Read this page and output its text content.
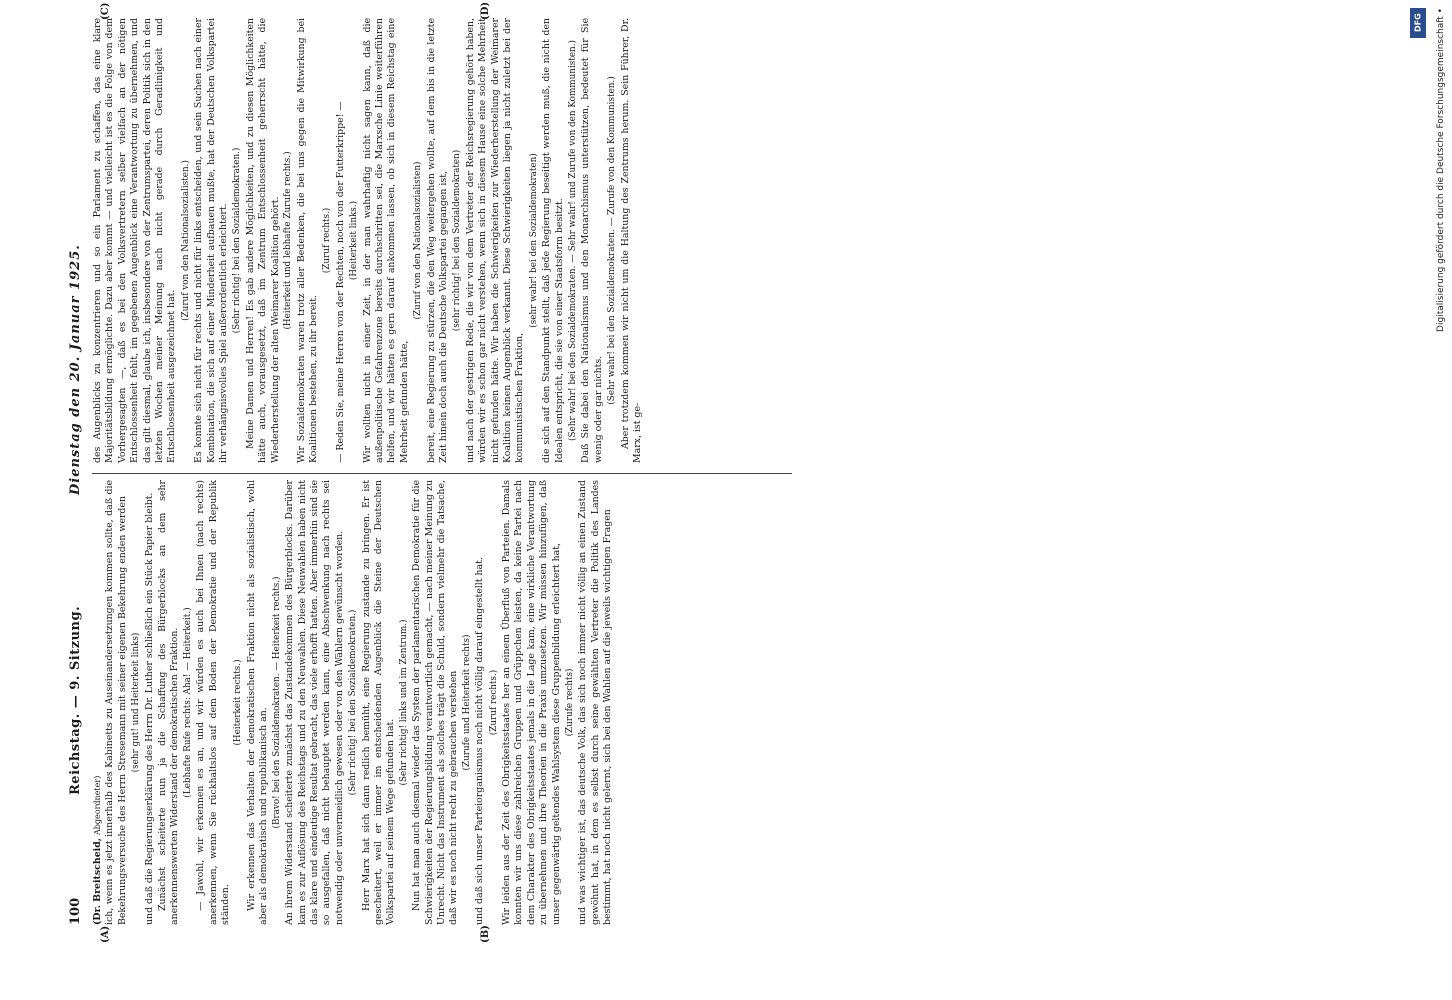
100
Reichstag. — 9. Sitzung.
Dienstag den 20. Januar 1925.

(Dr. Breitscheid, Abgeordneter) ich, wenn es jetzt innerhalb des Kabinetts zu Auseinandersetzungen kommen sollte, daß die Bekehrungsversuche des Herrn Stresemann mit seiner eigenen Bekehrung enden werden (sehr gut! und Heiterkeit links) und daß die Regierungserklärung des Herrn Dr. Luther schließlich ein Stück Papier bleibt. Zunächst scheiterte nun ja die Schaffung des Bürgerblocks an dem sehr anerkennenswerten Widerstand der demokratischen Fraktion. (Lebhafte Rufe rechts: Aha! — Heiterkeit.) — Jawohl, wir erkennen es an, und wir würden es auch bei Ihnen (nach rechts) anerkennen, wenn Sie rückhaltslos auf dem Boden der Demokratie und der Republik ständen.

(Heiterkeit rechts.) Wir erkennen das Verhalten der demokratischen Fraktion nicht als sozialistisch, wohl aber als demokratisch und republikanisch an. (Bravo! bei den Sozialdemokraten. — Heiterkeit rechts.) An ihrem Widerstand scheiterte zunächst das Zustandekommen des Bürgerblocks. Darüber kam es zur Auflösung des Reichstags und zu den Neuwahlen. Diese Neuwahlen haben nicht das klare und eindeutige Resultat gebracht, das viele erhofft hatten. Aber immerhin sind sie so ausgefallen, daß nicht behauptet werden kann, eine Abschwenkung nach rechts sei notwendig oder unvermeidlich gewesen oder von den Wählern gewünscht worden. (Sehr richtig! bei den Sozialdemokraten.) Herr Marx hat sich dann redlich bemüht, eine Regierung zustande zu bringen. Er ist gescheitert, weil er immer im entscheidenden Augenblick die Steine der Deutschen Volkspartei auf seinem Wege gefunden hat.

(Sehr richtig! links und im Zentrum.) Nun hat man auch diesmal wieder das System der parlamentarischen Demokratie für die Schwierigkeiten der Regierungsbildung verantwortlich gemacht, — nach meiner Meinung zu Unrecht. Nicht das Instrument als solches trägt die Schuld, sondern vielmehr die Tatsache, daß wir es noch nicht recht zu gebrauchen verstehen (Zurufe und Heiterkeit rechts) und daß sich unser Parteiorganismus noch nicht völlig darauf eingestellt hat. (Zuruf rechts.) Wir leiden aus der Zeit des Obrigkeitsstaates her an einem Überfluß von Parteien. Damals konnten wir uns diese zahlreichen Gruppen und Grüppchen leisten, da keine Partei nach dem Charakter des Obrigkeitsstaates jemals in die Lage kam, eine wirkliche Verantwortung zu übernehmen und ihre Theorien in die Praxis umzusetzen. Wir müssen hinzufügen, daß unser gegenwärtig geltendes Wahlsystem diese Gruppenbildung erleichtert hat, (Zurufe rechts) und was wichtiger ist, das deutsche Volk, das sich noch immer nicht völlig an einen Zustand gewöhnt hat, in dem es selbst durch seine gewählten Vertreter die Politik des Landes bestimmt, hat noch nicht gelernt, sich bei den Wahlen auf die jeweils wichtigen Fragen

des Augenblicks zu konzentrieren und so ein Parlament zu schaffen, das eine klare Majoritätsbildung ermöglichte. Dazu aber kommt — und vielleicht ist es die Folge von dem Vorhergesagten —, daß es bei den Volksvertretern selber vielfach an der nötigen Entschlossenheit fehlt, im gegebenen Augenblick eine Verantwortung zu übernehmen, und das gilt diesmal, glaube ich, insbesondere von der Zentrumspartei, deren Politik sich in den letzten Wochen meiner Meinung nach nicht gerade durch Geradlinigkeit und Entschlossenheit ausgezeichnet hat.

(Zuruf von den Nationalsozialisten.) Es konnte sich nicht für rechts und nicht für links entscheiden, und sein Suchen nach einer Kombination, die sich auf einer Minderheit aufbauen mußte, hat der Deutschen Volkspartei ihr verhängnisvolles Spiel außerordentlich erleichtert. (Sehr richtig! bei den Sozialdemokraten.) Meine Damen und Herren! Es gab andere Möglichkeiten, und zu diesen Möglichkeiten hätte auch, vorausgesetzt, daß im Zentrum Entschlossenheit geherrscht hätte, die Wiederherstellung der alten Weimarer Koalition gehört. (Heiterkeit und lebhafte Zurufe rechts.) Wir Sozialdemokraten waren trotz aller Bedenken, die bei uns gegen die Mitwirkung bei Koalitionen bestehen, zu ihr bereit.

(Zuruf rechts.) — Reden Sie, meine Herren von der Rechten, noch von der Futterkrippe! — (Heiterkeit links.) Wir wollten nicht in einer Zeit, in der man wahrhaftig nicht sagen kann, daß die außenpolitische Gefahrenzone bereits durchschritten sei, die Marxsche Linie weiterführen helfen, und wir hätten es gern darauf ankommen lassen, ob sich in diesem Reichstag eine Mehrheit gefunden hätte,

(Zuruf von den Nationalsozialisten) bereit, eine Regierung zu stürzen, die den Weg weitergehen wollte, auf dem bis in die letzte Zeit hinein doch auch die Deutsche Volkspartei gegangen ist, (sehr richtig! bei den Sozialdemokraten) und nach der gestrigen Rede, die wir von dem Vertreter der Reichsregierung gehört haben, würden wir es schon gar nicht verstehen, wenn sich in diesem Hause eine solche Mehrheit nicht gefunden hätte. Wir haben die Schwierigkeiten zur Wiederherstellung der Weimarer Koalition keinen Augenblick verkannt. Diese Schwierigkeiten liegen ja nicht zuletzt bei der kommunistischen Fraktion,

(sehr wahr! bei den Sozialdemokraten) die sich auf den Standpunkt stellt, daß jede Regierung beseitigt werden muß, die nicht den Idealen entspricht, die sie von einer Staatsform besitzt. (Sehr wahr! bei den Sozialdemokraten. — Sehr wahr! und Zurufe von den Kommunisten.) Daß Sie dabei den Nationalismus und den Monarchismus unterstützen, bedeutet für Sie wenig oder gar nichts.

(Sehr wahr! bei den Sozialdemokraten. — Zurufe von den Kommunisten.) Aber trotzdem kommen wir nicht um die Haltung des Zentrums herum. Sein Führer, Dr. Marx, ist ge-

(A)	(B)
(C)	(D)
DFG	Digitalisierung gefördert durch die Deutsche Forschungsgemeinschaft •
